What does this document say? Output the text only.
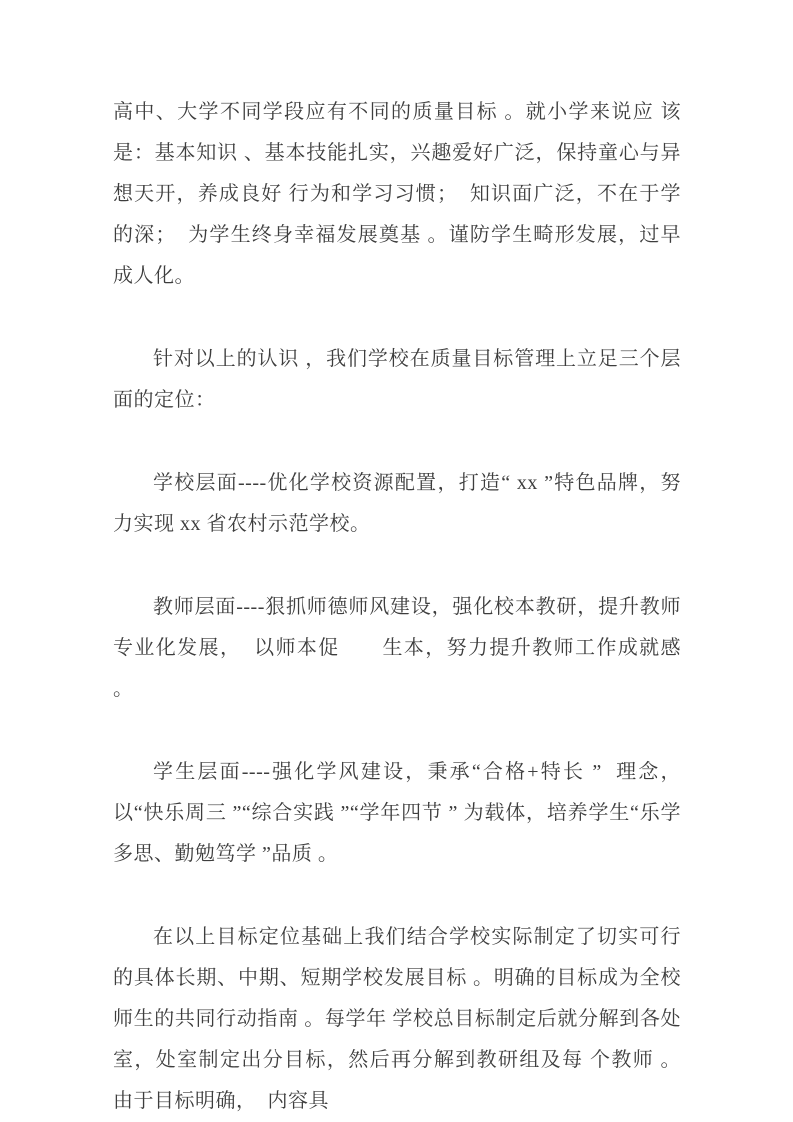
高中、大学不同学段应有不同的质量目标 。就小学来说应 该是：基本知识 、基本技能扎实，兴趣爱好广泛，保持童心与异想天开，养成良好 行为和学习习惯；  知识面广泛，不在于学的深；  为学生终身幸福发展奠基 。谨防学生畸形发展，过早成人化。

针对以上的认识 ，我们学校在质量目标管理上立足三个层面的定位：

学校层面----优化学校资源配置，打造“ xx ”特色品牌，努力实现 xx 省农村示范学校。

教师层面----狠抓师德师风建设，强化校本教研，提升教师专业化发展，  以师本促　　生本，努力提升教师工作成就感 。

学生层面----强化学风建设，秉承“合格+特长 ”  理念，  以“快乐周三 ”“综合实践 ”“学年四节 ” 为载体，培养学生“乐学多思、勤勉笃学 ”品质 。

在以上目标定位基础上我们结合学校实际制定了切实可行的具体长期、中期、短期学校发展目标 。明确的目标成为全校师生的共同行动指南 。每学年 学校总目标制定后就分解到各处室，处室制定出分目标，然后再分解到教研组及每 个教师 。  由于目标明确，  内容具
